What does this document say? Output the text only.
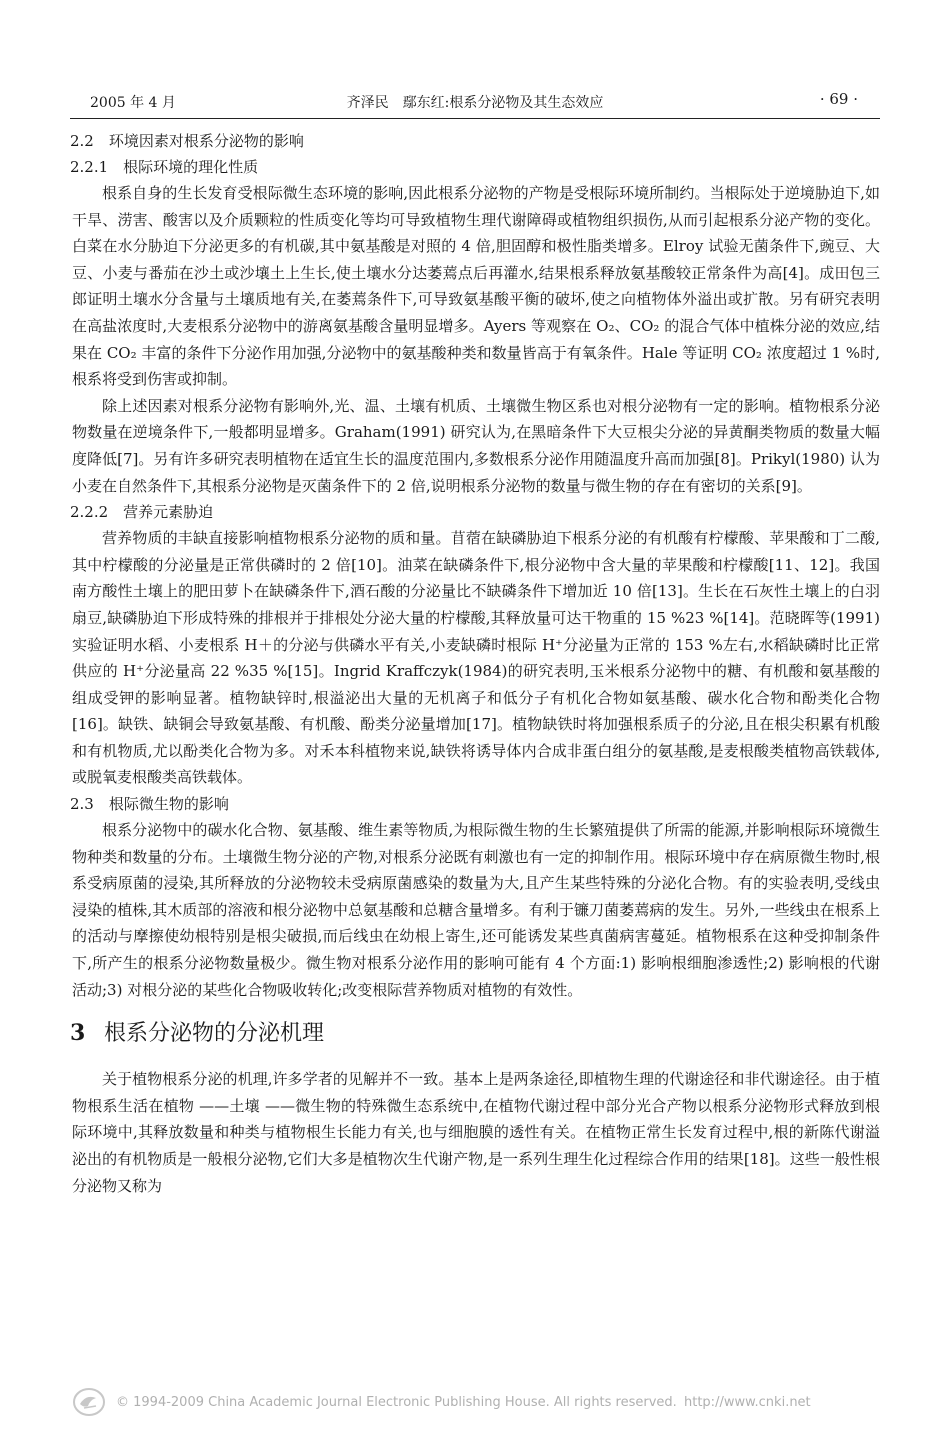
2005 年 4 月	齐泽民　鄢东红:根系分泌物及其生态效应	· 69 ·

2.2　环境因素对根系分泌物的影响

2.2.1　根际环境的理化性质

根系自身的生长发育受根际微生态环境的影响,因此根系分泌物的产物是受根际环境所制约。当根际处于逆境胁迫下,如干旱、涝害、酸害以及介质颗粒的性质变化等均可导致植物生理代谢障碍或植物组织损伤,从而引起根系分泌产物的变化。白菜在水分胁迫下分泌更多的有机碳,其中氨基酸是对照的 4 倍,胆固醇和极性脂类增多。Elroy 试验无菌条件下,豌豆、大豆、小麦与番茄在沙土或沙壤土上生长,使土壤水分达萎蔫点后再灌水,结果根系释放氨基酸较正常条件为高[4]。成田包三郎证明土壤水分含量与土壤质地有关,在萎蔫条件下,可导致氨基酸平衡的破坏,使之向植物体外溢出或扩散。另有研究表明在高盐浓度时,大麦根系分泌物中的游离氨基酸含量明显增多。Ayers 等观察在 O₂、CO₂ 的混合气体中植株分泌的效应,结果在 CO₂ 丰富的条件下分泌作用加强,分泌物中的氨基酸种类和数量皆高于有氧条件。Hale 等证明 CO₂ 浓度超过 1 %时,根系将受到伤害或抑制。

除上述因素对根系分泌物有影响外,光、温、土壤有机质、土壤微生物区系也对根分泌物有一定的影响。植物根系分泌物数量在逆境条件下,一般都明显增多。Graham(1991) 研究认为,在黑暗条件下大豆根尖分泌的异黄酮类物质的数量大幅度降低[7]。另有许多研究表明植物在适宜生长的温度范围内,多数根系分泌作用随温度升高而加强[8]。Prikyl(1980) 认为小麦在自然条件下,其根系分泌物是灭菌条件下的 2 倍,说明根系分泌物的数量与微生物的存在有密切的关系[9]。

2.2.2　营养元素胁迫

营养物质的丰缺直接影响植物根系分泌物的质和量。苜蓿在缺磷胁迫下根系分泌的有机酸有柠檬酸、苹果酸和丁二酸,其中柠檬酸的分泌量是正常供磷时的 2 倍[10]。油菜在缺磷条件下,根分泌物中含大量的苹果酸和柠檬酸[11、12]。我国南方酸性土壤上的肥田萝卜在缺磷条件下,酒石酸的分泌量比不缺磷条件下增加近 10 倍[13]。生长在石灰性土壤上的白羽扇豆,缺磷胁迫下形成特殊的排根并于排根处分泌大量的柠檬酸,其释放量可达干物重的 15 %23 %[14]。范晓晖等(1991)实验证明水稻、小麦根系 H＋的分泌与供磷水平有关,小麦缺磷时根际 H⁺分泌量为正常的 153 %左右,水稻缺磷时比正常供应的 H⁺分泌量高 22 %35 %[15]。Ingrid Kraffczyk(1984)的研究表明,玉米根系分泌物中的糖、有机酸和氨基酸的组成受钾的影响显著。植物缺锌时,根溢泌出大量的无机离子和低分子有机化合物如氨基酸、碳水化合物和酚类化合物[16]。缺铁、缺铜会导致氨基酸、有机酸、酚类分泌量增加[17]。植物缺铁时将加强根系质子的分泌,且在根尖积累有机酸和有机物质,尤以酚类化合物为多。对禾本科植物来说,缺铁将诱导体内合成非蛋白组分的氨基酸,是麦根酸类植物高铁载体,或脱氧麦根酸类高铁载体。

2.3　根际微生物的影响

根系分泌物中的碳水化合物、氨基酸、维生素等物质,为根际微生物的生长繁殖提供了所需的能源,并影响根际环境微生物种类和数量的分布。土壤微生物分泌的产物,对根系分泌既有刺激也有一定的抑制作用。根际环境中存在病原微生物时,根系受病原菌的浸染,其所释放的分泌物较未受病原菌感染的数量为大,且产生某些特殊的分泌化合物。有的实验表明,受线虫浸染的植株,其木质部的溶液和根分泌物中总氨基酸和总糖含量增多。有利于镰刀菌萎蔫病的发生。另外,一些线虫在根系上的活动与摩擦使幼根特别是根尖破损,而后线虫在幼根上寄生,还可能诱发某些真菌病害蔓延。植物根系在这种受抑制条件下,所产生的根系分泌物数量极少。微生物对根系分泌作用的影响可能有 4 个方面:1) 影响根细胞渗透性;2) 影响根的代谢活动;3) 对根分泌的某些化合物吸收转化;改变根际营养物质对植物的有效性。

3 根系分泌物的分泌机理

关于植物根系分泌的机理,许多学者的见解并不一致。基本上是两条途径,即植物生理的代谢途径和非代谢途径。由于植物根系生活在植物 ——土壤 ——微生物的特殊微生态系统中,在植物代谢过程中部分光合产物以根系分泌物形式释放到根际环境中,其释放数量和种类与植物根生长能力有关,也与细胞膜的透性有关。在植物正常生长发育过程中,根的新陈代谢溢泌出的有机物质是一般根分泌物,它们大多是植物次生代谢产物,是一系列生理生化过程综合作用的结果[18]。这些一般性根分泌物又称为

© 1994-2009 China Academic Journal Electronic Publishing House. All rights reserved. http://www.cnki.net
